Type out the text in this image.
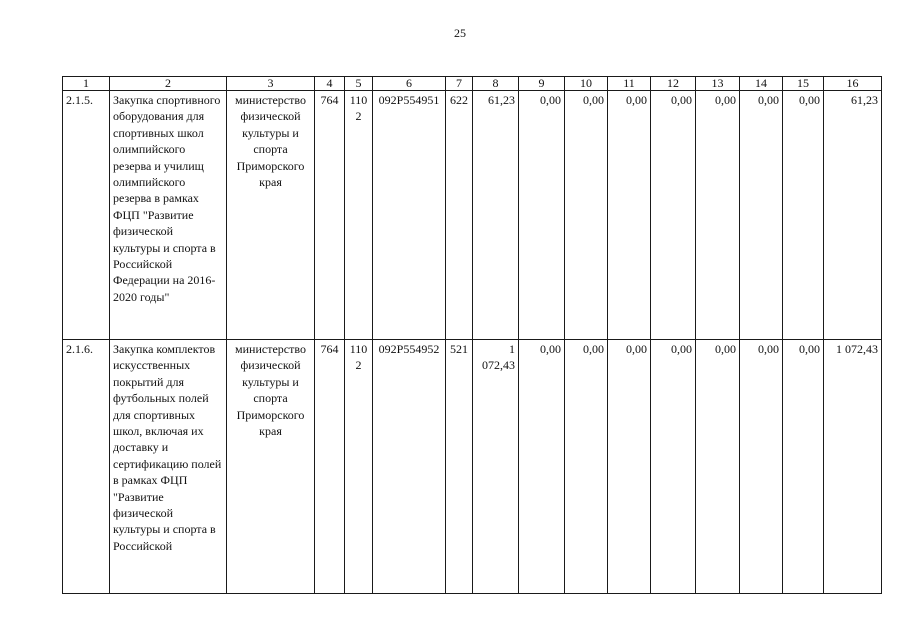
25
1	2	3	4	5	6	7	8	9	10	11	12	13	14	15	16
2.1.5.	Закупка спортивного оборудования для спортивных школ олимпийского резерва и училищ олимпийского резерва в рамках ФЦП "Развитие физической культуры и спорта в Российской Федерации на 2016-2020 годы"	министерство физической культуры и спорта Приморского края	764	1102	092P554951	622	61,23	0,00	0,00	0,00	0,00	0,00	0,00	0,00	61,23
2.1.6.	Закупка комплектов искусственных покрытий для футбольных полей для спортивных школ, включая их доставку и сертификацию полей в рамках ФЦП "Развитие физической культуры и спорта в Российской	министерство физической культуры и спорта Приморского края	764	1102	092P554952	521	1 072,43	0,00	0,00	0,00	0,00	0,00	0,00	0,00	1 072,43
